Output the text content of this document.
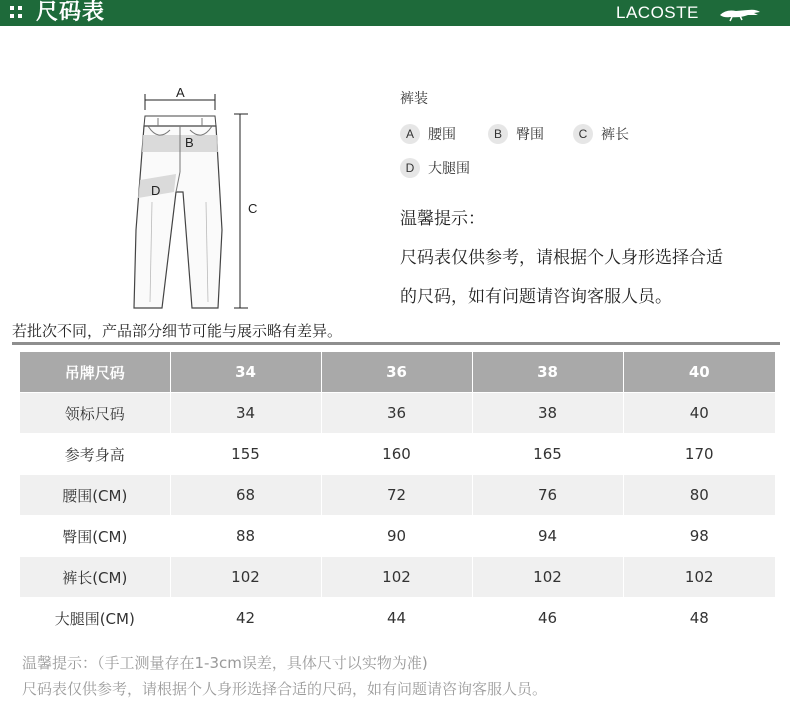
尺码表	LACOSTE
A
B
C
D
裤装
A	腰围	B	臀围	C 裤长
D 大腿围
温馨提示：
尺码表仅供参考，请根据个人身形选择合适
的尺码，如有问题请咨询客服人员。
若批次不同，产品部分细节可能与展示略有差异。
吊牌尺码	34	36	38	40
领标尺码	34	36	38	40
参考身高	155	160	165	170
腰围(CM)	68	72	76	80
臀围(CM)	88	90	94	98
裤长(CM)	102	102	102	102
大腿围(CM)	42	44	46	48
温馨提示：（手工测量存在1-3cm误差，具体尺寸以实物为准)
尺码表仅供参考，请根据个人身形选择合适的尺码，如有问题请咨询客服人员。
